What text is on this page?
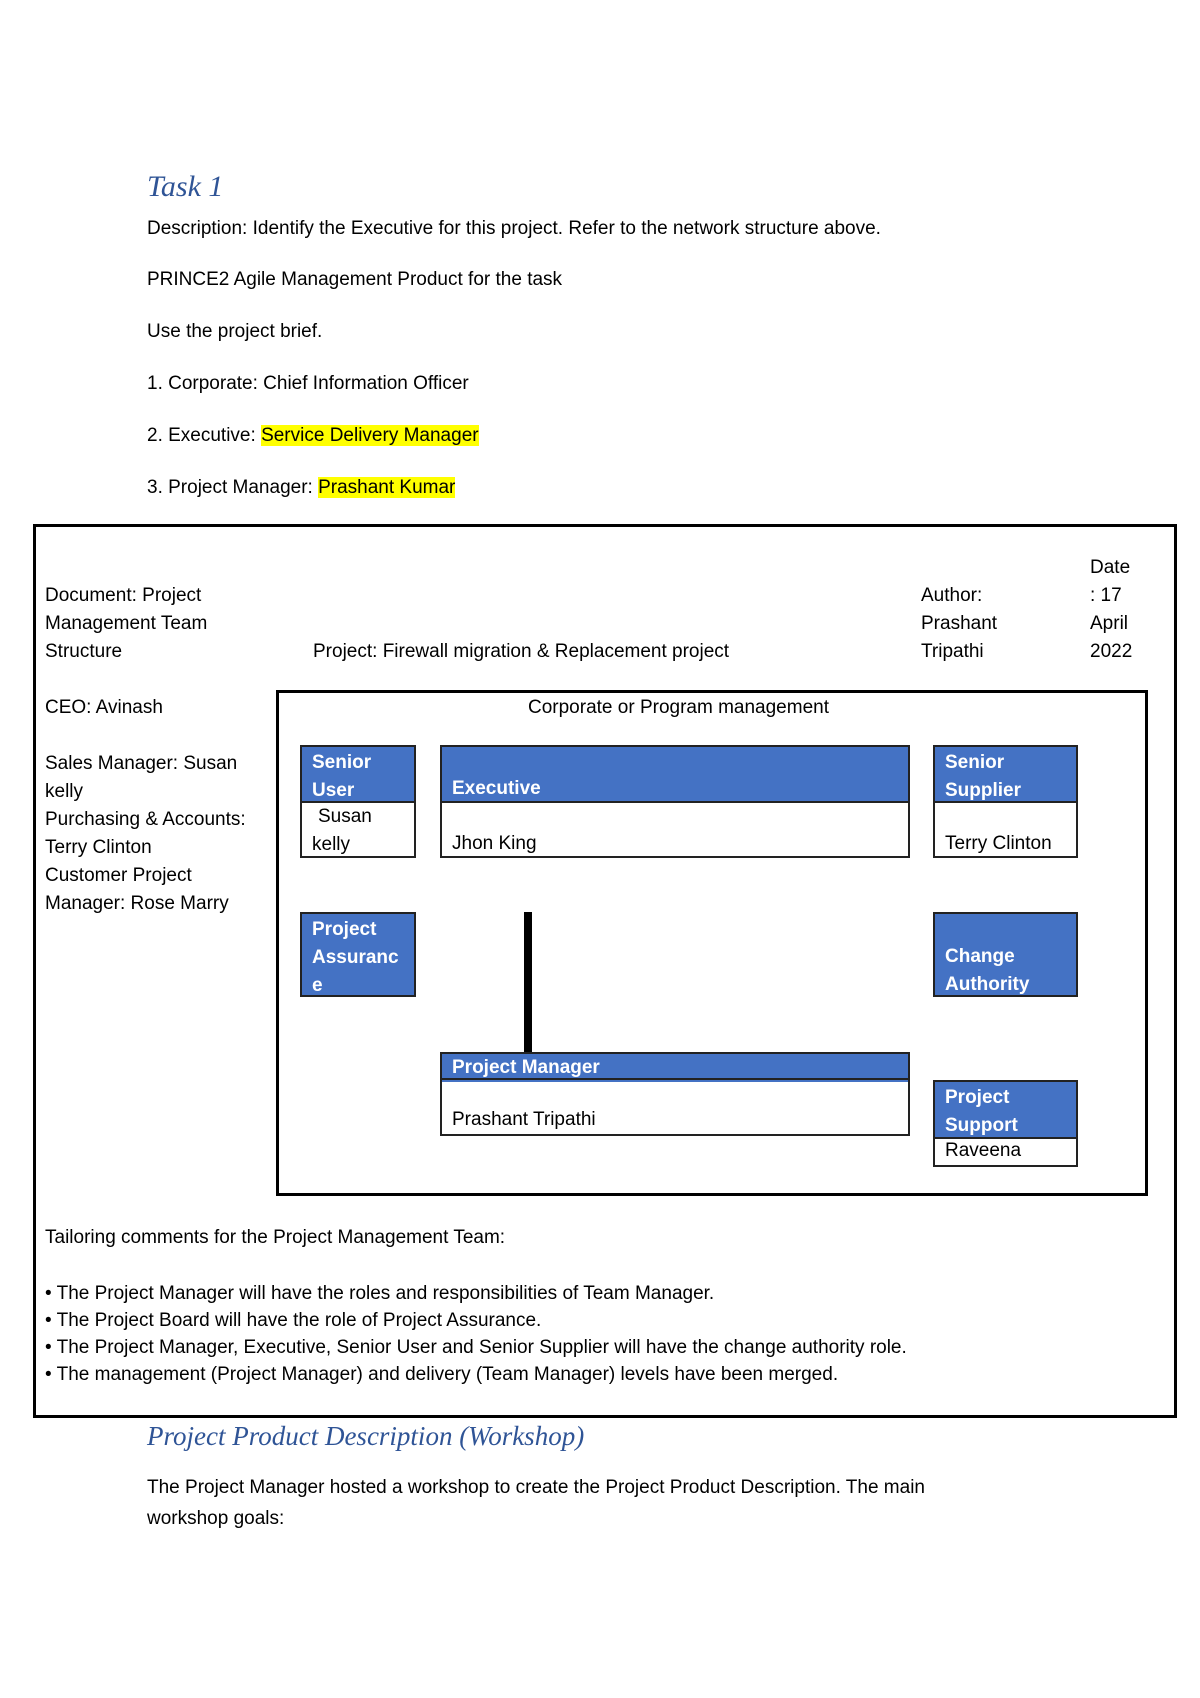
Task 1
Description: Identify the Executive for this project. Refer to the network structure above.
PRINCE2 Agile Management Product for the task
Use the project brief.
1. Corporate: Chief Information Officer
2. Executive: Service Delivery Manager
3. Project Manager: Prashant Kumar
Document: Project
Management Team
Structure	Project: Firewall migration & Replacement project
Author:
Prashant
Tripathi
Date
: 17
April
2022
CEO: Avinash
Sales Manager: Susan
kelly
Purchasing & Accounts:
Terry Clinton
Customer Project
Manager: Rose Marry
Corporate or Program management
Senior
User
Susan
kelly
Executive
Jhon King
Senior
Supplier
Terry Clinton
Project
Assuranc
e
Change
Authority
Project Manager
Prashant Tripathi
Project
Support
Raveena
Tailoring comments for the Project Management Team:
• The Project Manager will have the roles and responsibilities of Team Manager.
• The Project Board will have the role of Project Assurance.
• The Project Manager, Executive, Senior User and Senior Supplier will have the change authority role.
• The management (Project Manager) and delivery (Team Manager) levels have been merged.
Project Product Description (Workshop)
The Project Manager hosted a workshop to create the Project Product Description. The main
workshop goals:
